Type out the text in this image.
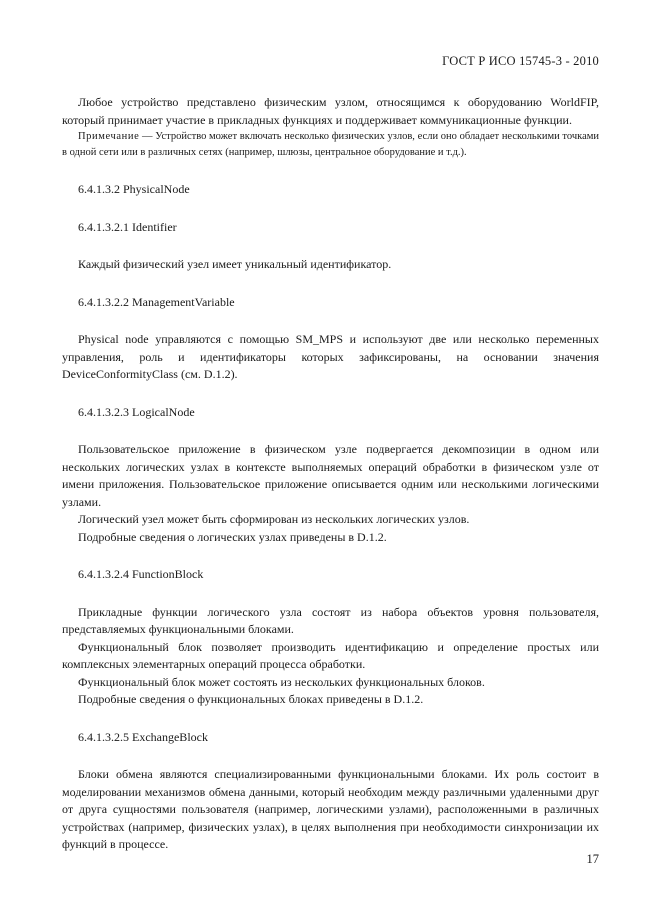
ГОСТ Р ИСО 15745-3 - 2010

Любое устройство представлено физическим узлом, относящимся к оборудованию WorldFIP, который принимает участие в прикладных функциях и поддерживает коммуникационные функции.

Примечание — Устройство может включать несколько физических узлов, если оно обладает несколькими точками в одной сети или в различных сетях (например, шлюзы, центральное оборудование и т.д.).

6.4.1.3.2 PhysicalNode

6.4.1.3.2.1 Identifier

Каждый физический узел имеет уникальный идентификатор.

6.4.1.3.2.2 ManagementVariable

Physical node управляются с помощью SM_MPS и используют две или несколько переменных управления, роль и идентификаторы которых зафиксированы, на основании значения DeviceConformityClass (см. D.1.2).

6.4.1.3.2.3 LogicalNode

Пользовательское приложение в физическом узле подвергается декомпозиции в одном или нескольких логических узлах в контексте выполняемых операций обработки в физическом узле от имени приложения. Пользовательское приложение описывается одним или несколькими логическими узлами.

Логический узел может быть сформирован из нескольких логических узлов.

Подробные сведения о логических узлах приведены в D.1.2.

6.4.1.3.2.4 FunctionBlock

Прикладные функции логического узла состоят из набора объектов уровня пользователя, представляемых функциональными блоками.

Функциональный блок позволяет производить идентификацию и определение простых или комплексных элементарных операций процесса обработки.

Функциональный блок может состоять из нескольких функциональных блоков.

Подробные сведения о функциональных блоках приведены в D.1.2.

6.4.1.3.2.5 ExchangeBlock

Блоки обмена являются специализированными функциональными блоками. Их роль состоит в моделировании механизмов обмена данными, который необходим между различными удаленными друг от друга сущностями пользователя (например, логическими узлами), расположенными в различных устройствах (например, физических узлах), в целях выполнения при необходимости синхронизации их функций в процессе.

17
